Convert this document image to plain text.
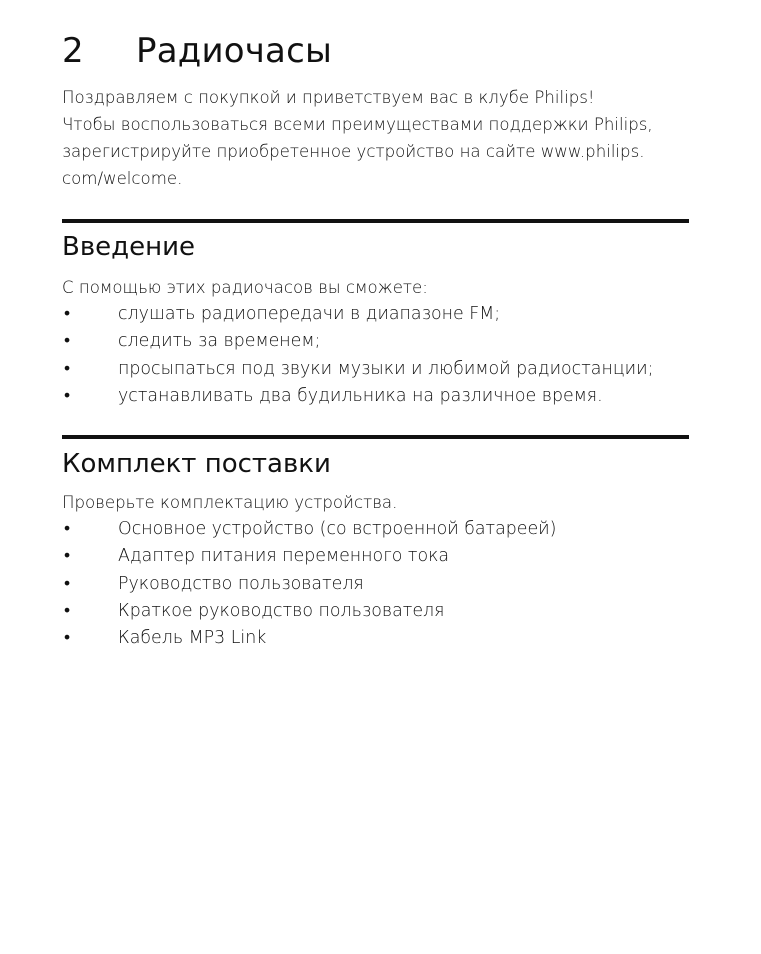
2	Радиочасы

Поздравляем с покупкой и приветствуем вас в клубе Philips!

Чтобы воспользоваться всеми преимуществами поддержки Philips,

зарегистрируйте приобретенное устройство на сайте www.philips.

com/welcome.

Введение

С помощью этих радиочасов вы сможете:

•	слушать радиопередачи в диапазоне FM;
•	следить за временем;
•	просыпаться под звуки музыки и любимой радиостанции;
•	устанавливать два будильника на различное время.
Комплект поставки

Проверьте комплектацию устройства.

•	Основное устройство (со встроенной батареей)
•	Адаптер питания переменного тока
•	Руководство пользователя
•	Краткое руководство пользователя
•	Кабель MP3 Link
